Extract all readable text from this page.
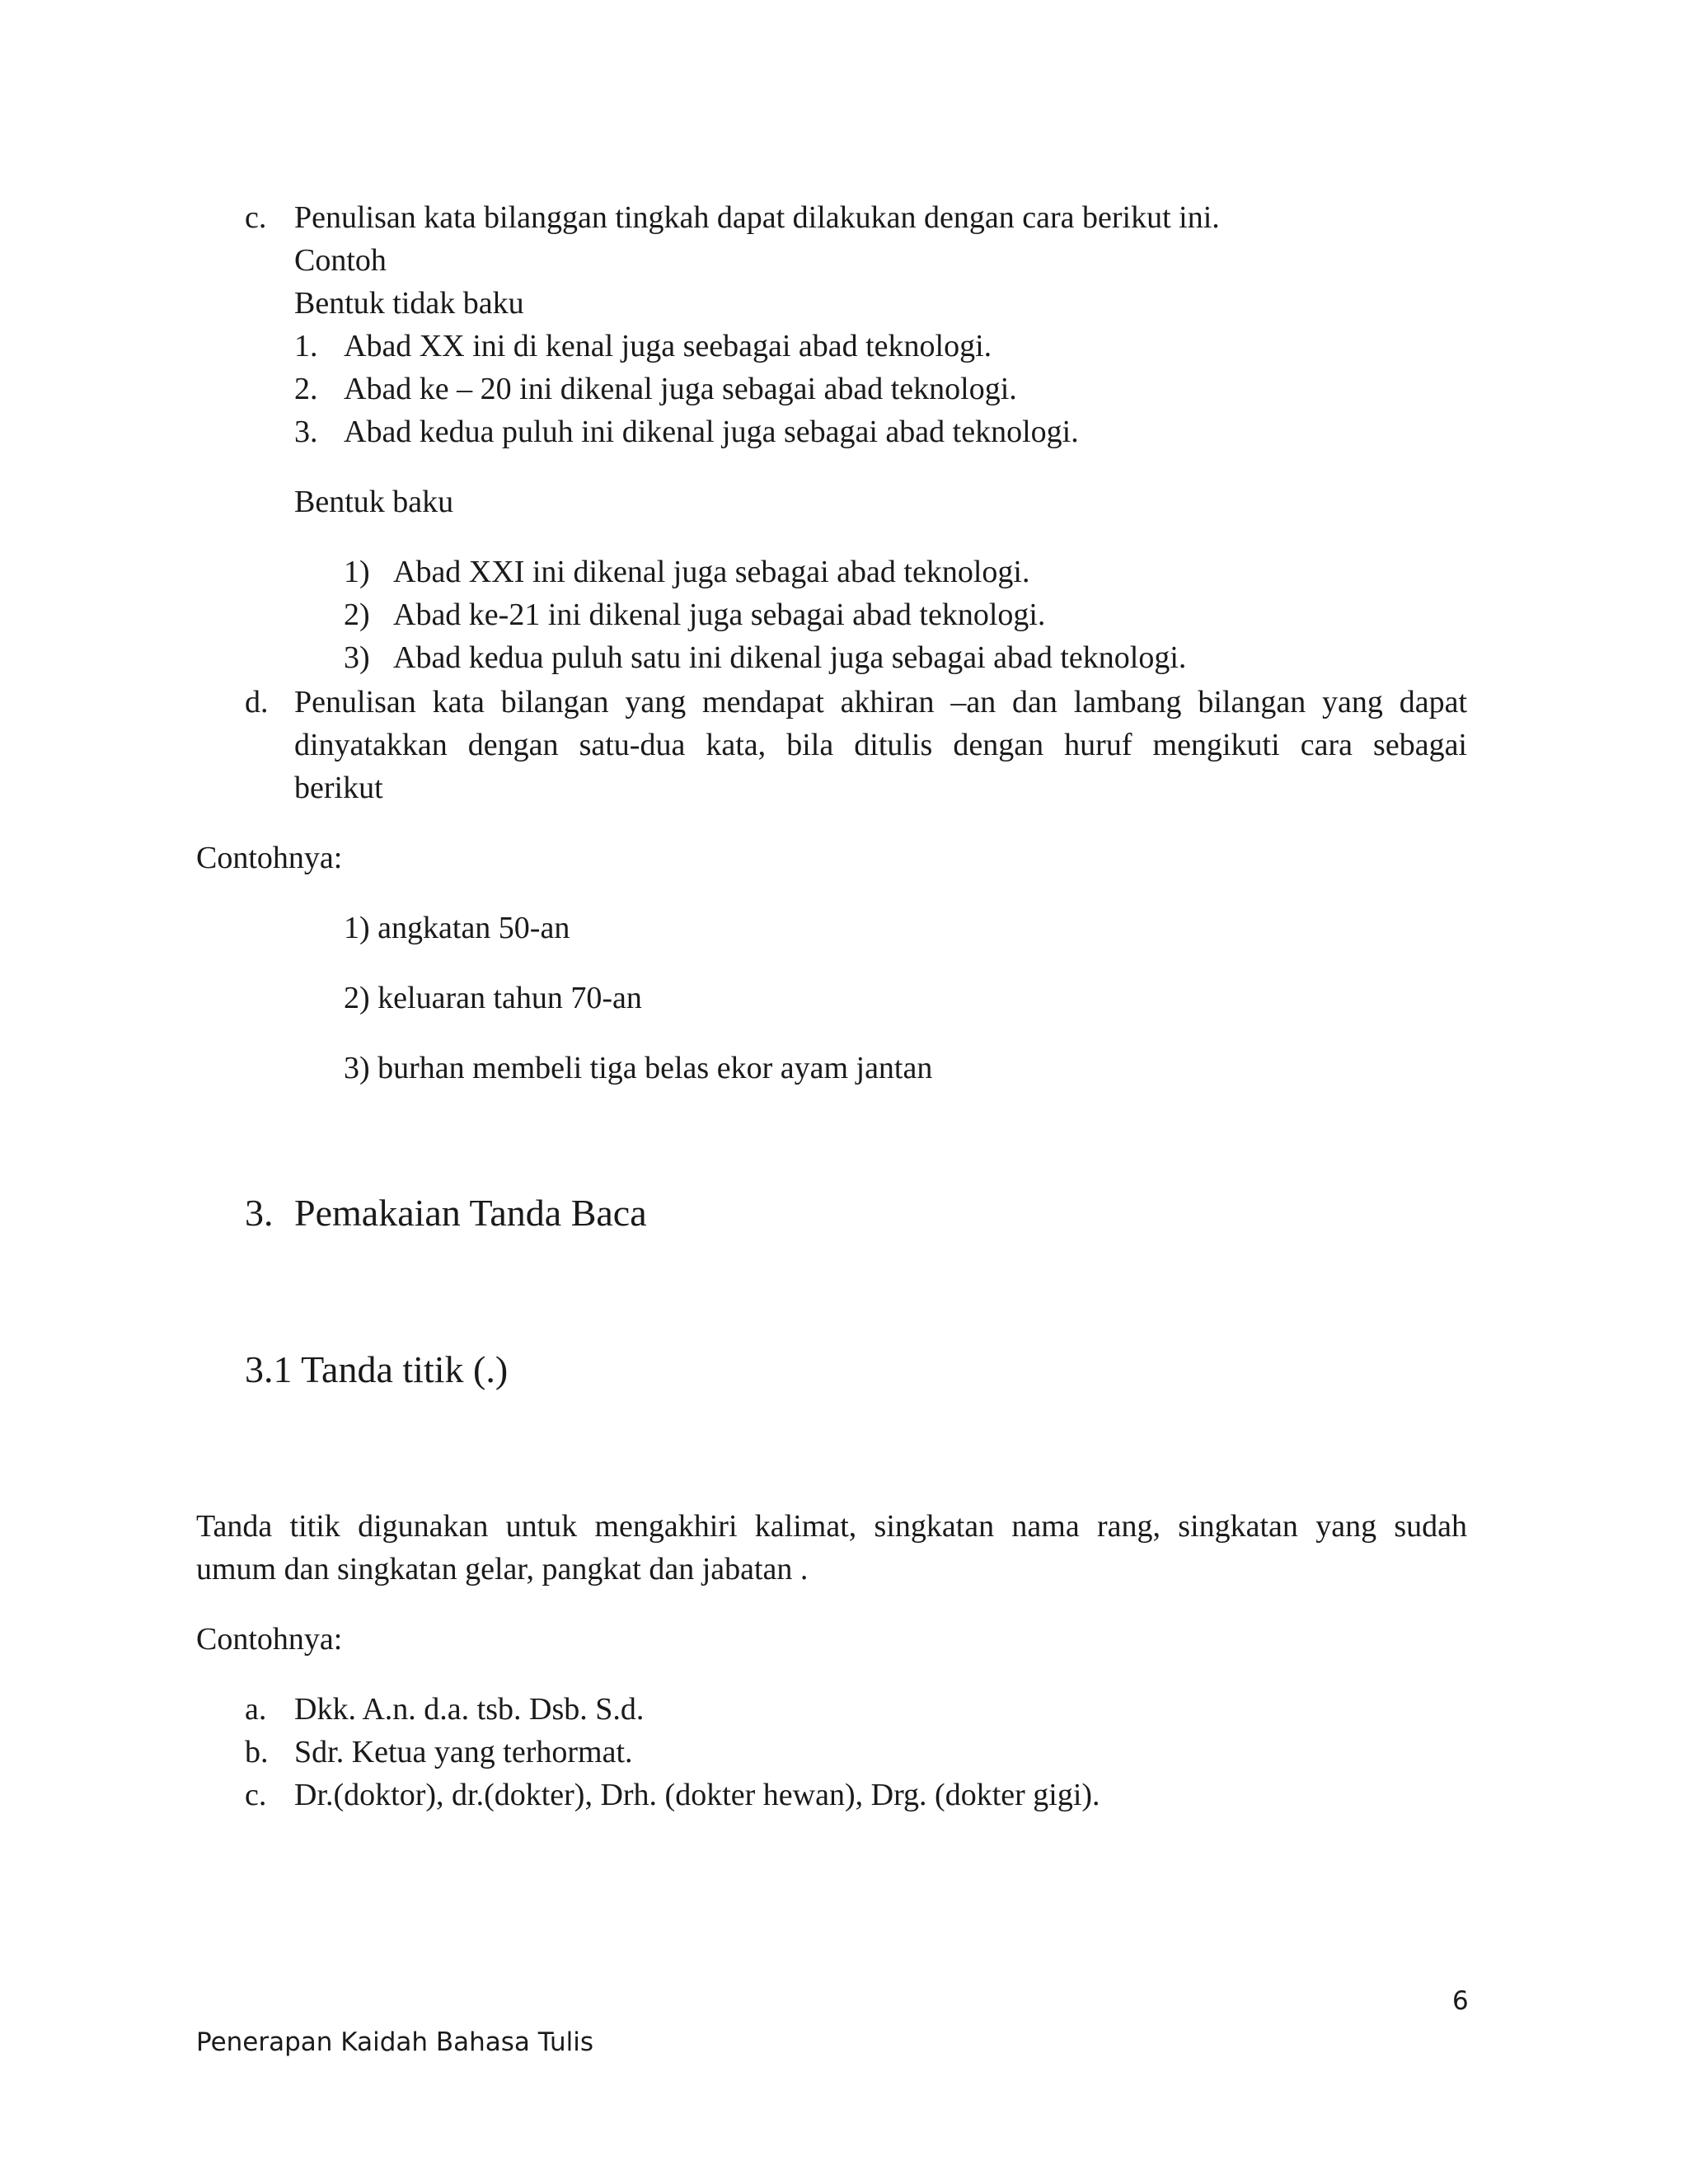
c. Penulisan kata bilanggan tingkah dapat dilakukan dengan cara berikut ini.
Contoh
Bentuk tidak baku
1. Abad XX ini di kenal juga seebagai abad teknologi.
2. Abad ke – 20 ini dikenal juga sebagai abad teknologi.
3. Abad kedua puluh ini dikenal juga sebagai abad teknologi.
Bentuk baku
1) Abad XXI ini dikenal juga sebagai abad teknologi.
2) Abad ke-21 ini dikenal juga sebagai abad teknologi.
3) Abad kedua puluh satu ini dikenal juga sebagai abad teknologi.
d. Penulisan kata bilangan yang mendapat akhiran –an dan lambang bilangan yang dapat
dinyatakkan dengan satu-dua kata, bila ditulis dengan huruf mengikuti cara sebagai
berikut
Contohnya:
1) angkatan 50-an
2) keluaran tahun 70-an
3) burhan membeli tiga belas ekor ayam jantan
3. Pemakaian Tanda Baca
3.1 Tanda titik (.)
Tanda titik digunakan untuk mengakhiri kalimat, singkatan nama rang, singkatan yang sudah
umum dan singkatan gelar, pangkat dan jabatan .
Contohnya:
a. Dkk. A.n. d.a. tsb. Dsb. S.d.
b. Sdr. Ketua yang terhormat.
c. Dr.(doktor), dr.(dokter), Drh. (dokter hewan), Drg. (dokter gigi).
6
Penerapan Kaidah Bahasa Tulis
